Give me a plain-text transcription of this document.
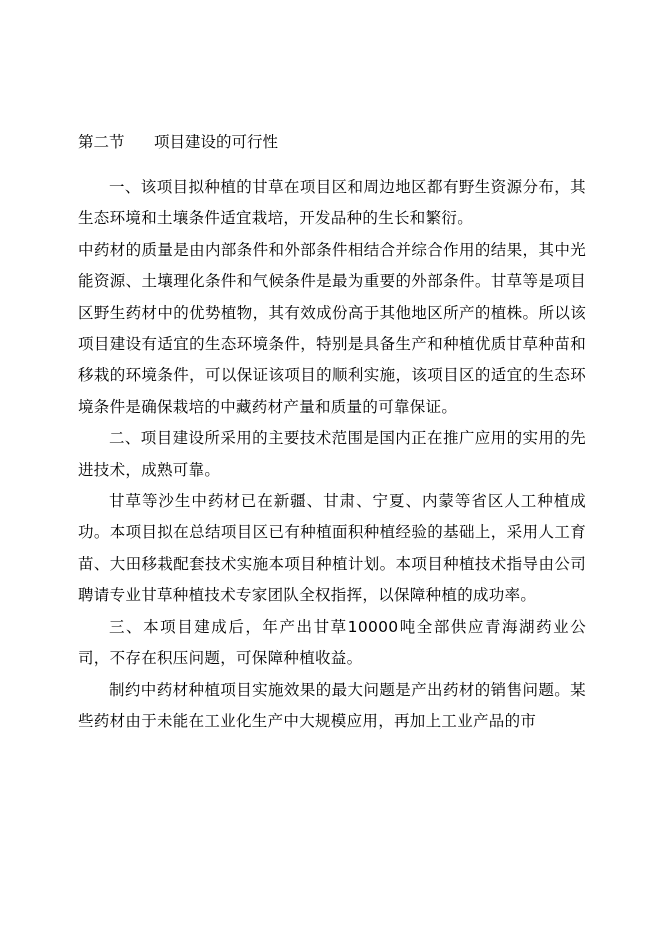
第二节 项目建设的可行性

一、该项目拟种植的甘草在项目区和周边地区都有野生资源分布，其生态环境和土壤条件适宜栽培，开发品种的生长和繁衍。

中药材的质量是由内部条件和外部条件相结合并综合作用的结果，其中光能资源、土壤理化条件和气候条件是最为重要的外部条件。甘草等是项目区野生药材中的优势植物，其有效成份高于其他地区所产的植株。所以该项目建设有适宜的生态环境条件，特别是具备生产和种植优质甘草种苗和移栽的环境条件，可以保证该项目的顺利实施，该项目区的适宜的生态环境条件是确保栽培的中藏药材产量和质量的可靠保证。

二、项目建设所采用的主要技术范围是国内正在推广应用的实用的先进技术，成熟可靠。

甘草等沙生中药材已在新疆、甘肃、宁夏、内蒙等省区人工种植成功。本项目拟在总结项目区已有种植面积种植经验的基础上，采用人工育苗、大田移栽配套技术实施本项目种植计划。本项目种植技术指导由公司聘请专业甘草种植技术专家团队全权指挥，以保障种植的成功率。

三、本项目建成后，年产出甘草10000吨全部供应青海湖药业公司，不存在积压问题，可保障种植收益。

制约中药材种植项目实施效果的最大问题是产出药材的销售问题。某些药材由于未能在工业化生产中大规模应用，再加上工业产品的市
